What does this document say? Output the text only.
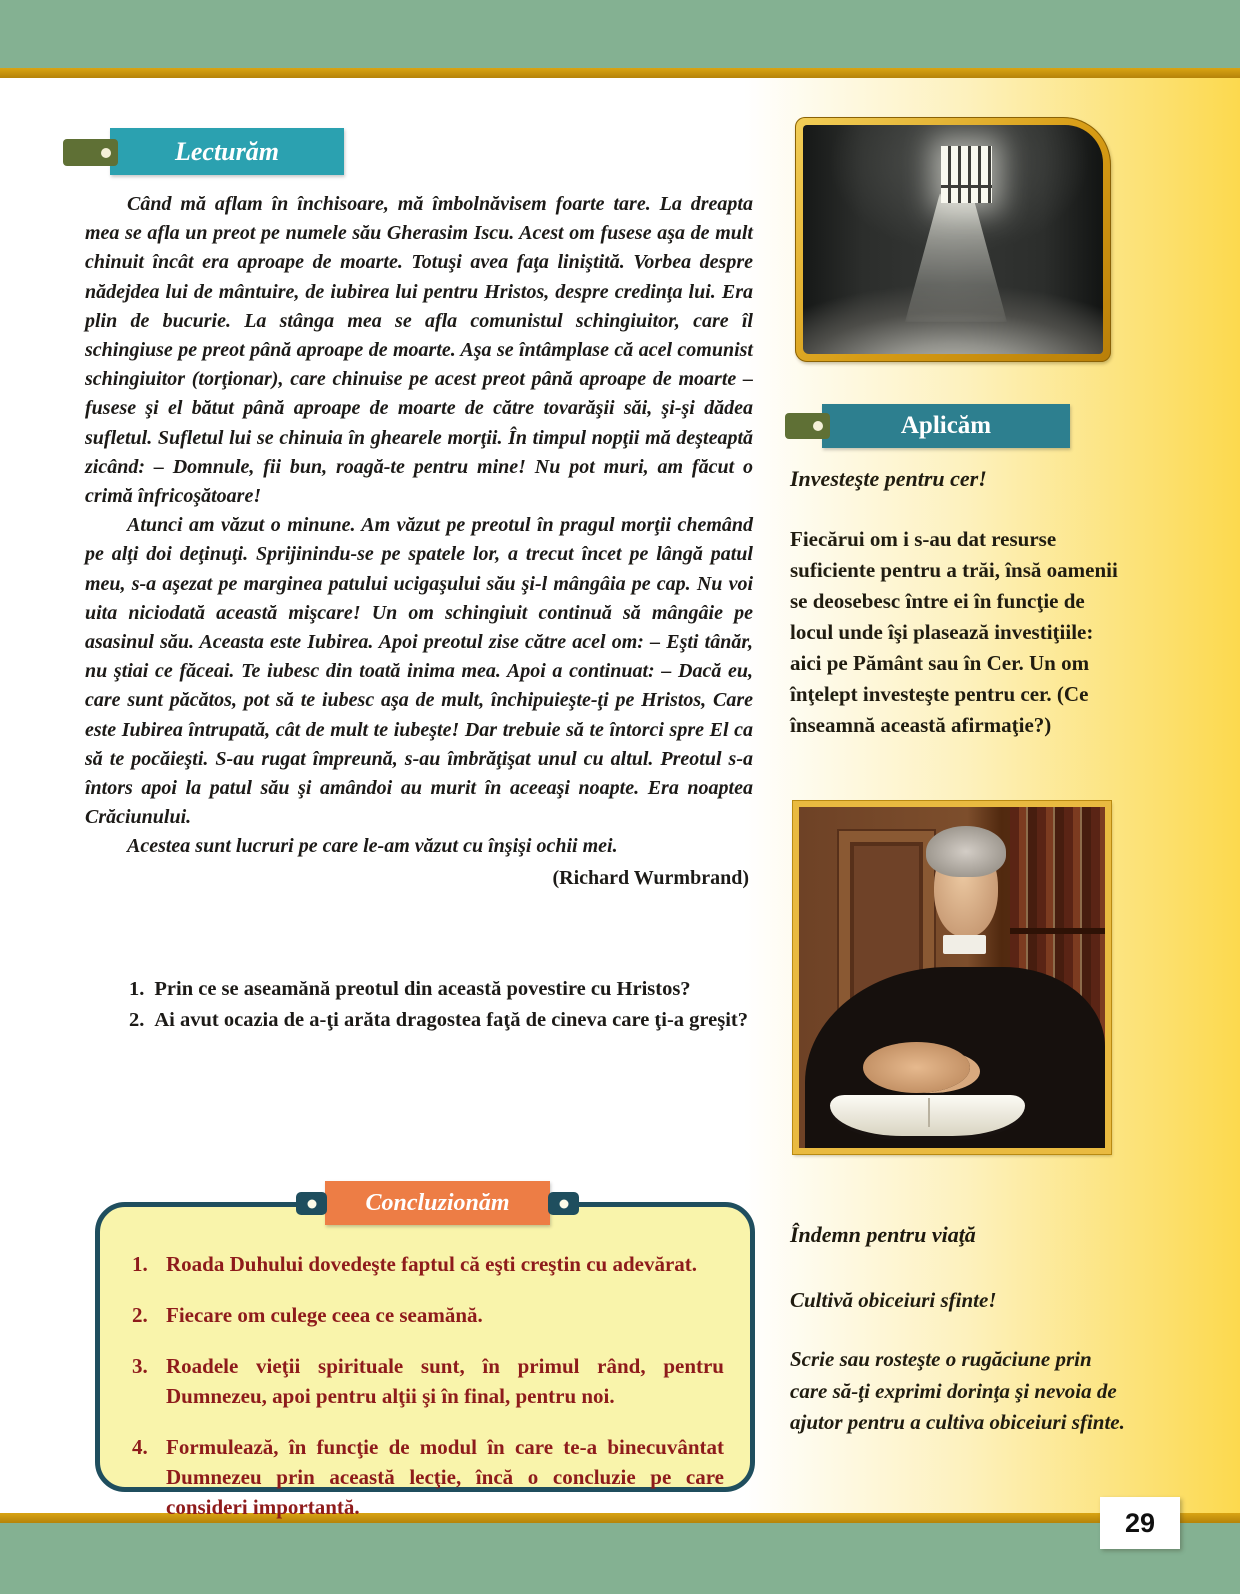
29
Lecturăm

Când mă aflam în închisoare, mă îmbolnăvisem foarte tare. La dreapta mea se afla un preot pe numele său Gherasim Iscu. Acest om fusese aşa de mult chinuit încât era aproape de moarte. Totuşi avea faţa liniştită. Vorbea despre nădejdea lui de mântuire, de iubirea lui pentru Hristos, despre credinţa lui. Era plin de bucurie. La stânga mea se afla comunistul schingiuitor, care îl schingiuse pe preot până aproape de moarte. Aşa se întâmplase că acel comunist schingiuitor (torţionar), care chinuise pe acest preot până aproape de moarte – fusese şi el bătut până aproape de moarte de către tovarăşii săi, şi-şi dădea sufletul. Sufletul lui se chinuia în ghearele morţii. În timpul nopţii mă deşteaptă zicând: – Domnule, fii bun, roagă-te pentru mine! Nu pot muri, am făcut o crimă înfricoşătoare!

Atunci am văzut o minune. Am văzut pe preotul în pragul morţii chemând pe alţi doi deţinuţi. Sprijinindu-se pe spatele lor, a trecut încet pe lângă patul meu, s-a aşezat pe marginea patului ucigaşului său şi-l mângâia pe cap. Nu voi uita niciodată această mişcare! Un om schingiuit continuă să mângâie pe asasinul său. Aceasta este Iubirea. Apoi preotul zise către acel om: – Eşti tânăr, nu ştiai ce făceai. Te iubesc din toată inima mea. Apoi a continuat: – Dacă eu, care sunt păcătos, pot să te iubesc aşa de mult, închipuieşte-ţi pe Hristos, Care este Iubirea întrupată, cât de mult te iubeşte! Dar trebuie să te întorci spre El ca să te pocăieşti. S-au rugat împreună, s-au îmbrăţişat unul cu altul. Preotul s-a întors apoi la patul său şi amândoi au murit în aceeaşi noapte. Era noaptea Crăciunului.

Acestea sunt lucruri pe care le-am văzut cu înşişi ochii mei.

(Richard Wurmbrand)

1. Prin ce se aseamănă preotul din această povestire cu Hristos?

2. Ai avut ocazia de a-ţi arăta dragostea faţă de cineva care ţi-a greşit?

Aplicăm
Investeşte pentru cer!
Fiecărui om i s-au dat resurse suficiente pentru a trăi, însă oamenii se deosebesc între ei în funcţie de locul unde îşi plasează investiţiile: aici pe Pământ sau în Cer. Un om înţelept investeşte pentru cer. (Ce înseamnă această afirmaţie?)
1. Roada Duhului dovedeşte faptul că eşti creştin cu adevărat.
2. Fiecare om culege ceea ce seamănă.
3. Roadele vieţii spirituale sunt, în primul rând, pentru Dumnezeu, apoi pentru alţii şi în final, pentru noi.
4. Formulează, în funcţie de modul în care te-a binecuvântat Dumnezeu prin această lecţie, încă o concluzie pe care consideri importantă.
Concluzionăm
Îndemn pentru viaţă
Cultivă obiceiuri sfinte!
Scrie sau rosteşte o rugăciune prin care să-ţi exprimi dorinţa şi nevoia de ajutor pentru a cultiva obiceiuri sfinte.
